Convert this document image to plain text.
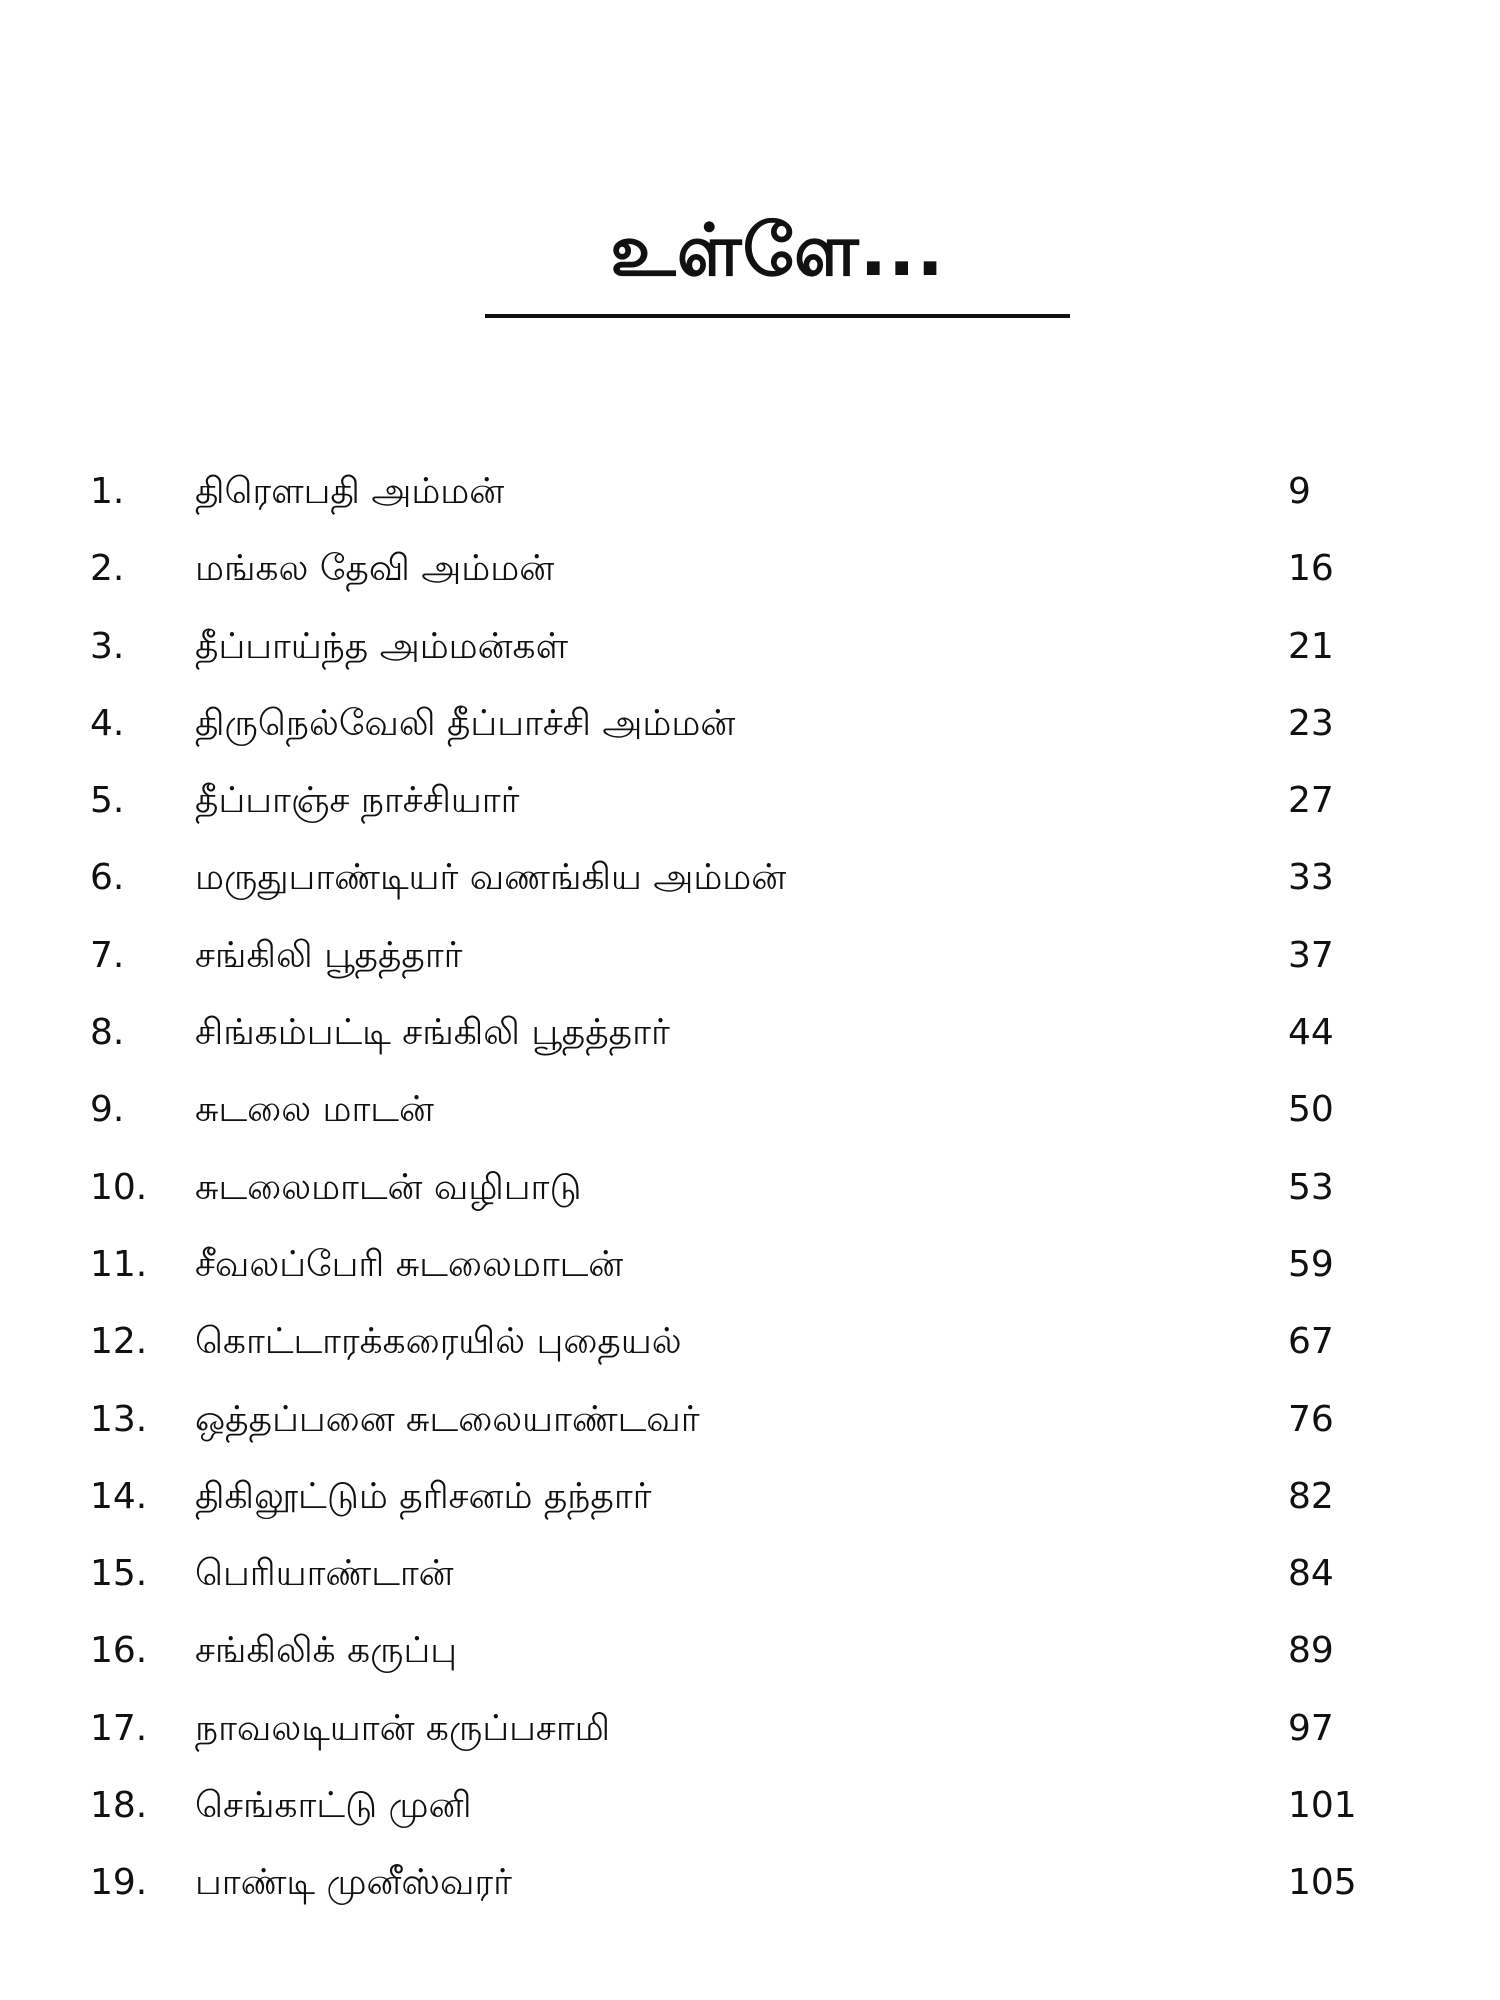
உள்ளே...
1.	திரௌபதி அம்மன்	9
2.	மங்கல தேவி அம்மன்	16
3.	தீப்பாய்ந்த அம்மன்கள்	21
4.	திருநெல்வேலி தீப்பாச்சி அம்மன்	23
5.	தீப்பாஞ்ச நாச்சியார்	27
6.	மருதுபாண்டியர் வணங்கிய அம்மன்	33
7.	சங்கிலி பூதத்தார்	37
8.	சிங்கம்பட்டி சங்கிலி பூதத்தார்	44
9.	சுடலை மாடன்	50
10.	சுடலைமாடன் வழிபாடு	53
11.	சீவலப்பேரி சுடலைமாடன்	59
12.	கொட்டாரக்கரையில் புதையல்	67
13.	ஒத்தப்பனை சுடலையாண்டவர்	76
14.	திகிலூட்டும் தரிசனம் தந்தார்	82
15.	பெரியாண்டான்	84
16.	சங்கிலிக் கருப்பு	89
17.	நாவலடியான் கருப்பசாமி	97
18.	செங்காட்டு முனி	101
19.	பாண்டி முனீஸ்வரர்	105
